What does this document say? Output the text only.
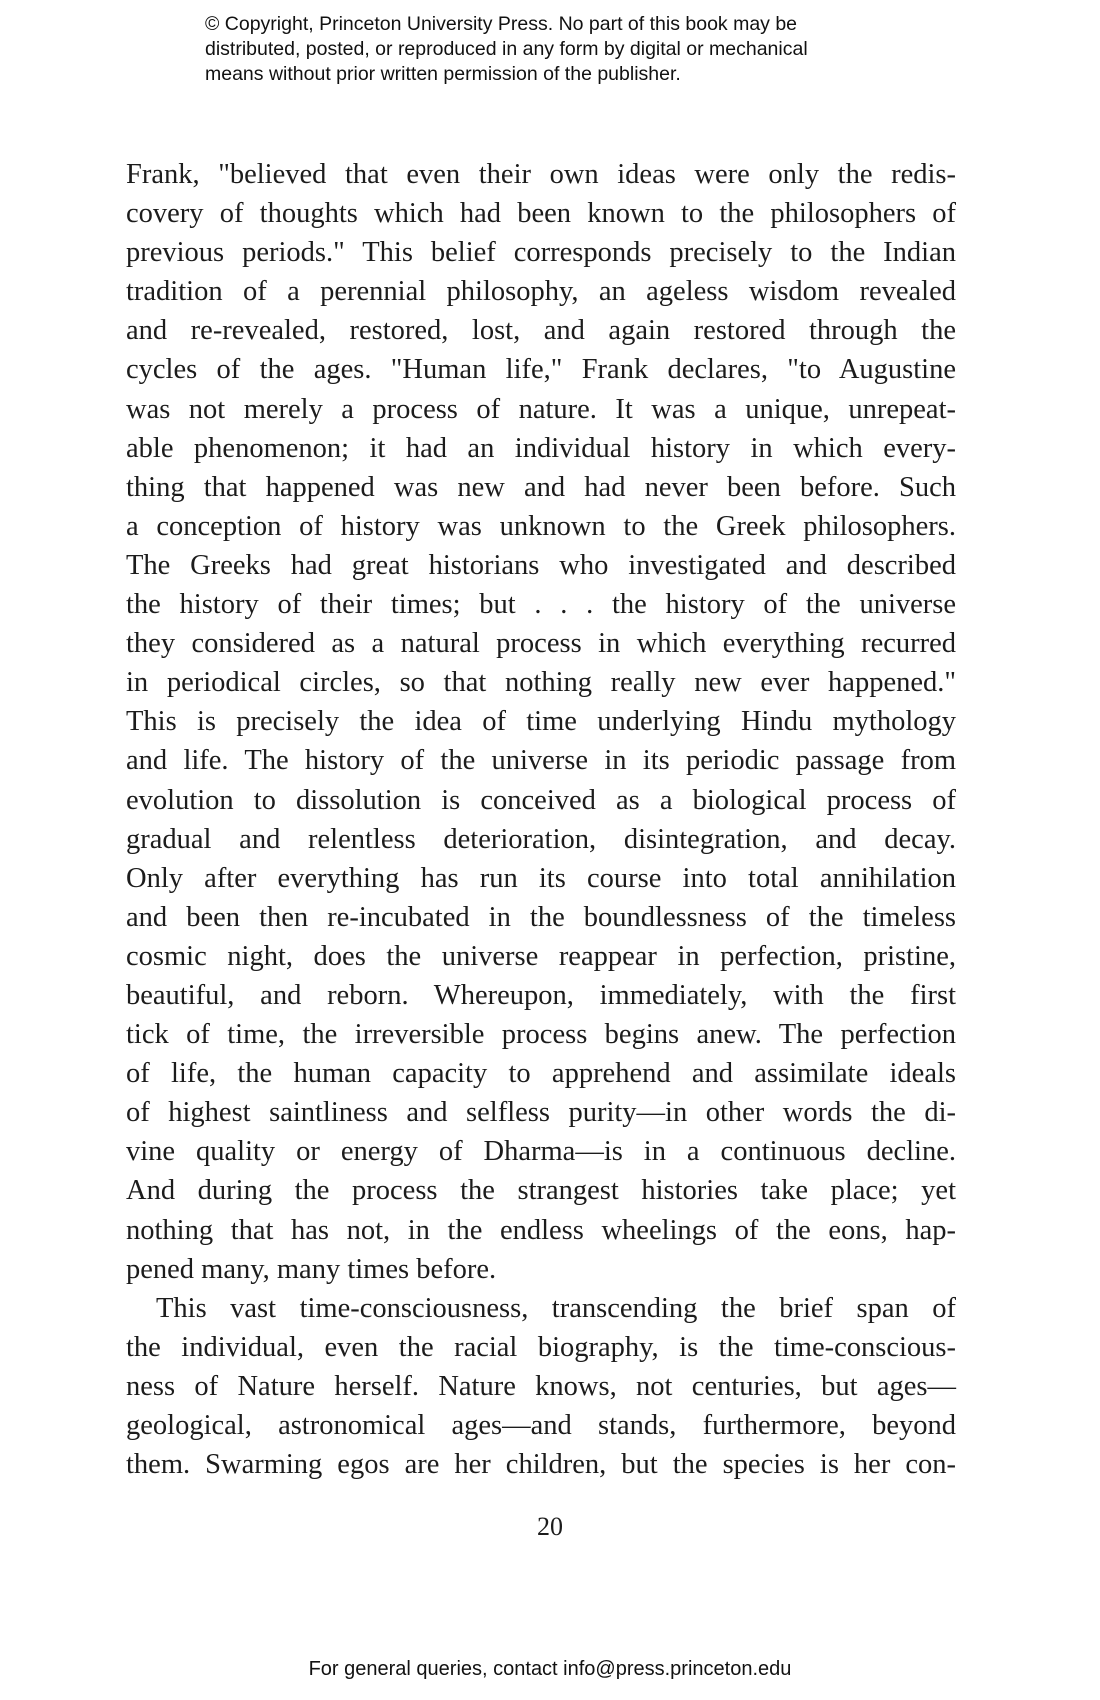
© Copyright, Princeton University Press. No part of this book may be
distributed, posted, or reproduced in any form by digital or mechanical
means without prior written permission of the publisher.
Frank, "believed that even their own ideas were only the redis-
covery of thoughts which had been known to the philosophers of
previous periods." This belief corresponds precisely to the Indian
tradition of a perennial philosophy, an ageless wisdom revealed
and re-revealed, restored, lost, and again restored through the
cycles of the ages. "Human life," Frank declares, "to Augustine
was not merely a process of nature. It was a unique, unrepeat-
able phenomenon; it had an individual history in which every-
thing that happened was new and had never been before. Such
a conception of history was unknown to the Greek philosophers.
The Greeks had great historians who investigated and described
the history of their times; but . . . the history of the universe
they considered as a natural process in which everything recurred
in periodical circles, so that nothing really new ever happened."
This is precisely the idea of time underlying Hindu mythology
and life. The history of the universe in its periodic passage from
evolution to dissolution is conceived as a biological process of
gradual and relentless deterioration, disintegration, and decay.
Only after everything has run its course into total annihilation
and been then re-incubated in the boundlessness of the timeless
cosmic night, does the universe reappear in perfection, pristine,
beautiful, and reborn. Whereupon, immediately, with the first
tick of time, the irreversible process begins anew. The perfection
of life, the human capacity to apprehend and assimilate ideals
of highest saintliness and selfless purity—in other words the di-
vine quality or energy of Dharma—is in a continuous decline.
And during the process the strangest histories take place; yet
nothing that has not, in the endless wheelings of the eons, hap-
pened many, many times before.
This vast time-consciousness, transcending the brief span of
the individual, even the racial biography, is the time-conscious-
ness of Nature herself. Nature knows, not centuries, but ages—
geological, astronomical ages—and stands, furthermore, beyond
them. Swarming egos are her children, but the species is her con-
20
For general queries, contact info@press.princeton.edu
